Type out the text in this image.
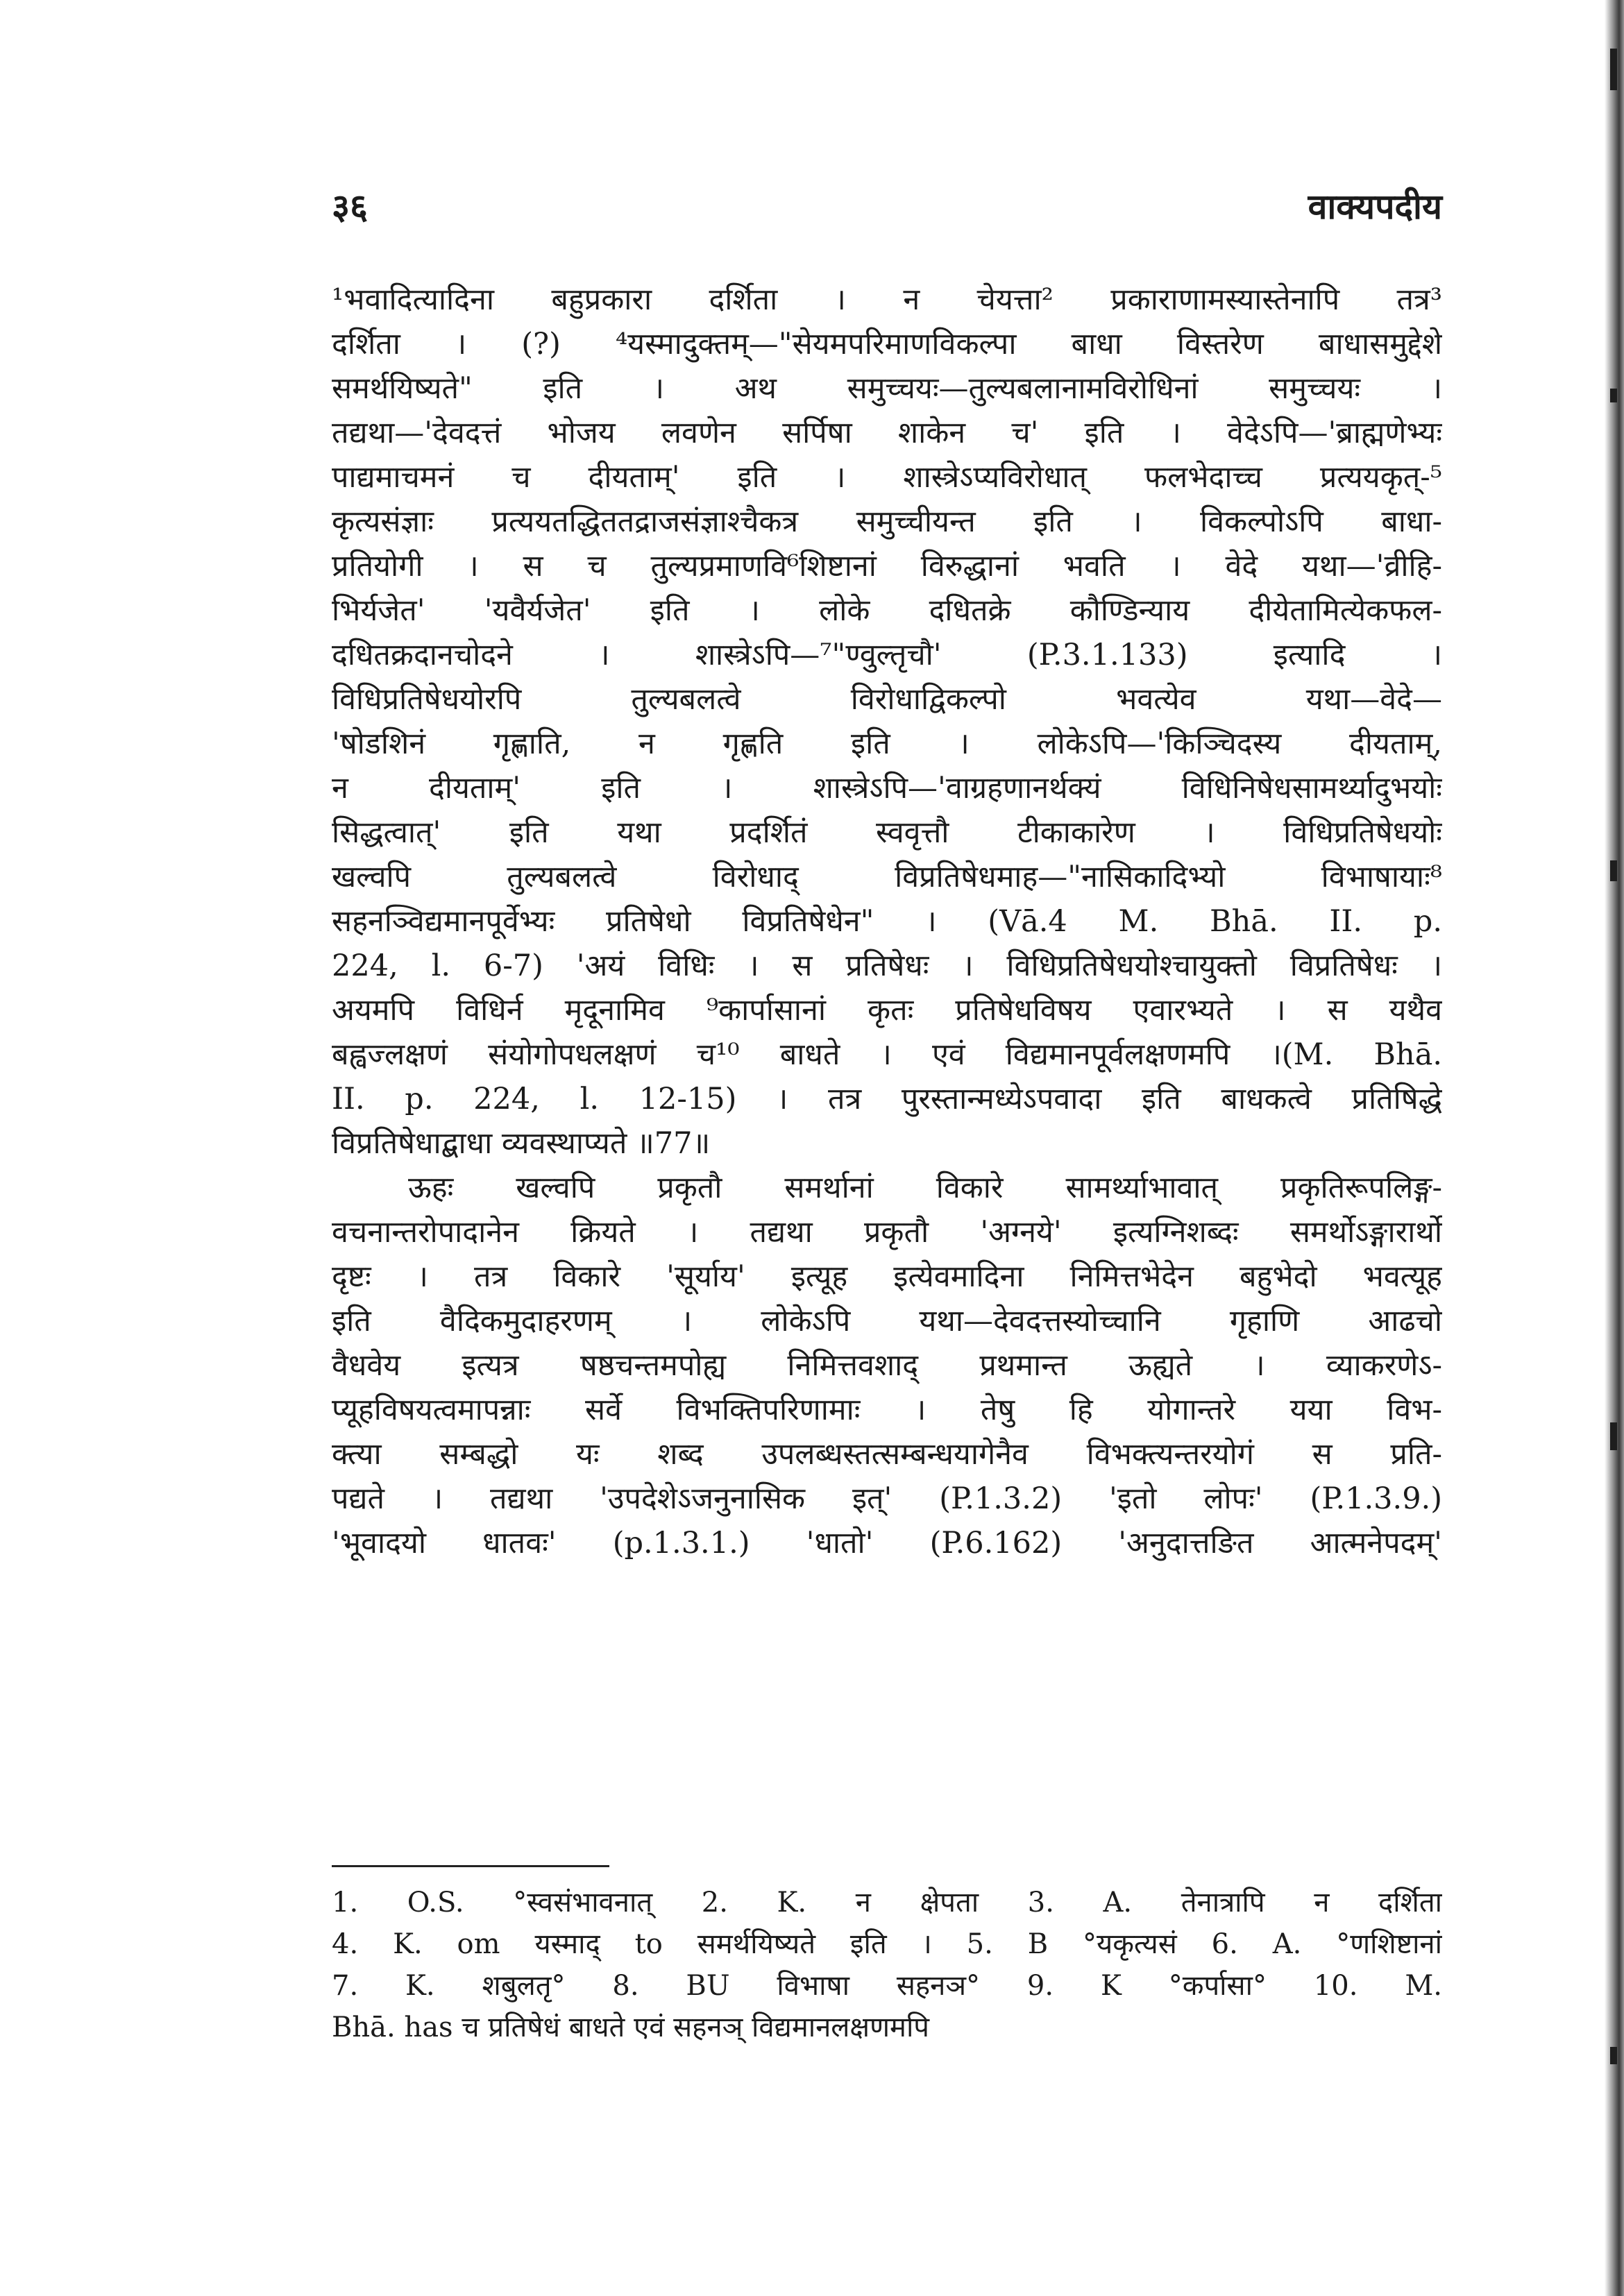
३६	वाक्यपदीय
¹भवादित्यादिना बहुप्रकारा दर्शिता । न चेयत्ता² प्रकाराणामस्यास्तेनापि तत्र³
दर्शिता । (?) ⁴यस्मादुक्तम्—"सेयमपरिमाणविकल्पा बाधा विस्तरेण बाधासमुद्देशे
समर्थयिष्यते" इति । अथ समुच्चयः—तुल्यबलानामविरोधिनां समुच्चयः ।
तद्यथा—'देवदत्तं भोजय लवणेन सर्पिषा शाकेन च' इति । वेदेऽपि—'ब्राह्मणेभ्यः
पाद्यमाचमनं च दीयताम्' इति । शास्त्रेऽप्यविरोधात् फलभेदाच्च प्रत्ययकृत्-⁵
कृत्यसंज्ञाः प्रत्ययतद्धिततद्राजसंज्ञाश्चैकत्र समुच्चीयन्त इति । विकल्पोऽपि बाधा-
प्रतियोगी । स च तुल्यप्रमाणवि⁶शिष्टानां विरुद्धानां भवति । वेदे यथा—'व्रीहि-
भिर्यजेत' 'यवैर्यजेत' इति । लोके दधितक्रे कौण्डिन्याय दीयेतामित्येकफल-
दधितक्रदानचोदने । शास्त्रेऽपि—⁷"ण्वुल्तृचौ' (P.3.1.133) इत्यादि ।
विधिप्रतिषेधयोरपि तुल्यबलत्वे विरोधाद्विकल्पो भवत्येव यथा—वेदे—
'षोडशिनं गृह्णाति, न गृह्णति इति । लोकेऽपि—'किञ्चिदस्य दीयताम्,
न दीयताम्' इति । शास्त्रेऽपि—'वाग्रहणानर्थक्यं विधिनिषेधसामर्थ्यादुभयोः
सिद्धत्वात्' इति यथा प्रदर्शितं स्ववृत्तौ टीकाकारेण । विधिप्रतिषेधयोः
खल्वपि तुल्यबलत्वे विरोधाद् विप्रतिषेधमाह—"नासिकादिभ्यो विभाषायाः⁸
सहनञ्विद्यमानपूर्वेभ्यः प्रतिषेधो विप्रतिषेधेन" । (Vā.4 M. Bhā. II. p.
224, l. 6-7) 'अयं विधिः । स प्रतिषेधः । विधिप्रतिषेधयोश्चायुक्तो विप्रतिषेधः ।
अयमपि विधिर्न मृदूनामिव ⁹कार्पासानां कृतः प्रतिषेधविषय एवारभ्यते । स यथैव
बह्वज्लक्षणं संयोगोपधलक्षणं च¹⁰ बाधते । एवं विद्यमानपूर्वलक्षणमपि ।(M. Bhā.
II. p. 224, l. 12-15) । तत्र पुरस्तान्मध्येऽपवादा इति बाधकत्वे प्रतिषिद्धे
विप्रतिषेधाद्बाधा व्यवस्थाप्यते ॥77॥
ऊहः खल्वपि प्रकृतौ समर्थानां विकारे सामर्थ्याभावात् प्रकृतिरूपलिङ्ग-
वचनान्तरोपादानेन क्रियते । तद्यथा प्रकृतौ 'अग्नये' इत्यग्निशब्दः समर्थोऽङ्गारार्थो
दृष्टः । तत्र विकारे 'सूर्याय' इत्यूह इत्येवमादिना निमित्तभेदेन बहुभेदो भवत्यूह
इति वैदिकमुदाहरणम् । लोकेऽपि यथा—देवदत्तस्योच्चानि गृहाणि आढचो
वैधवेय इत्यत्र षष्ठचन्तमपोह्य निमित्तवशाद् प्रथमान्त ऊह्यते । व्याकरणेऽ-
प्यूहविषयत्वमापन्नाः सर्वे विभक्तिपरिणामाः । तेषु हि योगान्तरे यया विभ-
क्त्या सम्बद्धो यः शब्द उपलब्धस्तत्सम्बन्धयागेनैव विभक्त्यन्तरयोगं स प्रति-
पद्यते । तद्यथा 'उपदेशेऽजनुनासिक इत्' (P.1.3.2) 'इतो लोपः' (P.1.3.9.)
'भूवादयो धातवः' (p.1.3.1.) 'धातो' (P.6.162) 'अनुदात्तङित आत्मनेपदम्'
1. O.S. °स्वसंभावनात् 2. K. न क्षेपता 3. A. तेनात्रापि न दर्शिता
4. K. om यस्माद् to समर्थयिष्यते इति । 5. B °यकृत्यसं 6. A. °णशिष्टानां
7. K. शबुलतृ° 8. BU विभाषा सहनञ° 9. K °कर्पासा° 10. M.
Bhā. has च प्रतिषेधं बाधते एवं सहनञ् विद्यमानलक्षणमपि
